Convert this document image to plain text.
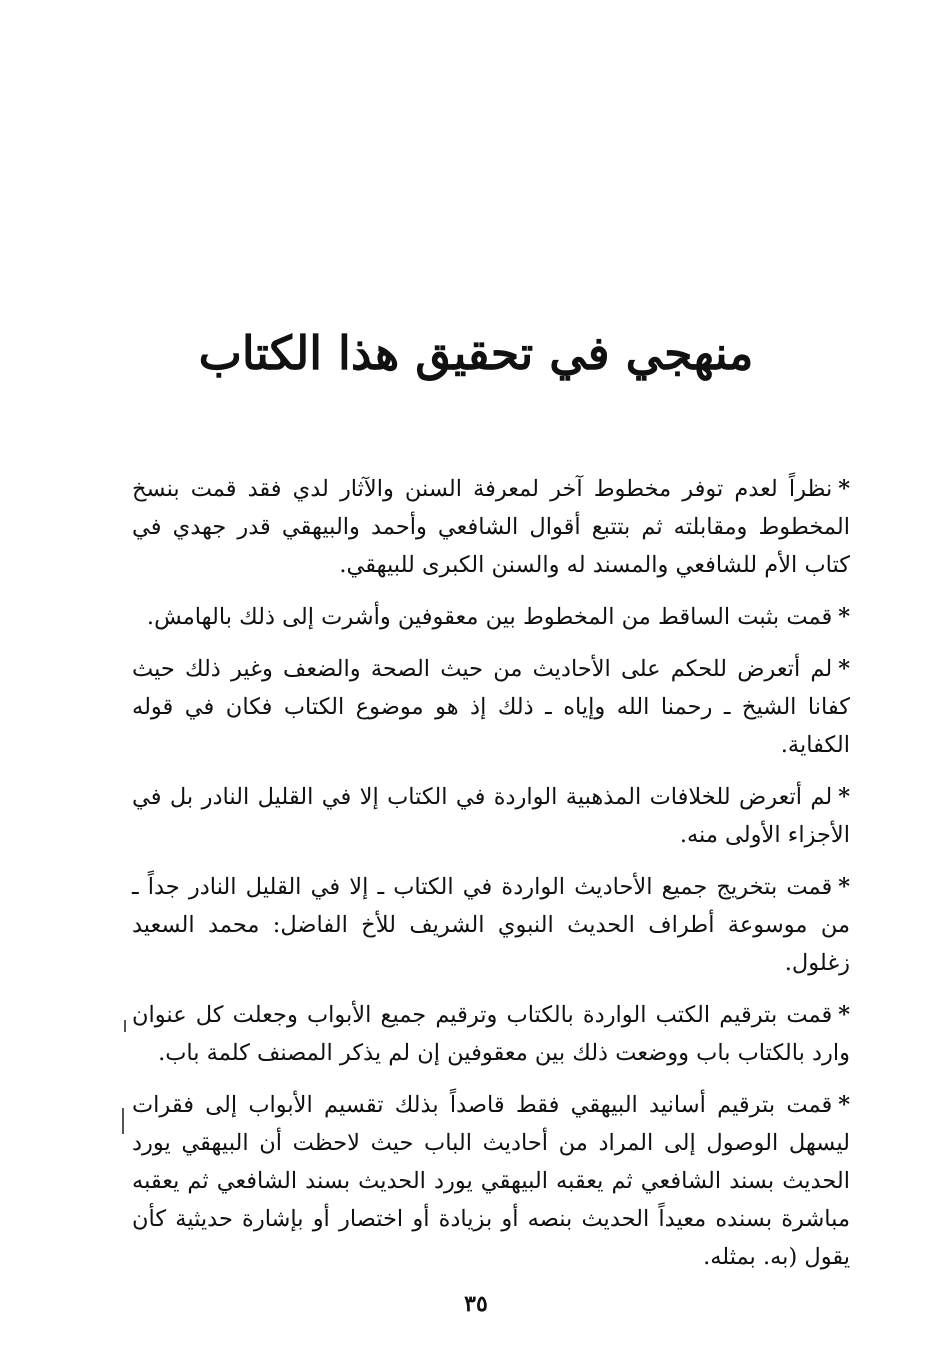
منهجي في تحقيق هذا الكتاب

*نظراً لعدم توفر مخطوط آخر لمعرفة السنن والآثار لدي فقد قمت بنسخ المخطوط ومقابلته ثم بتتبع أقوال الشافعي وأحمد والبيهقي قدر جهدي في كتاب الأم للشافعي والمسند له والسنن الكبرى للبيهقي.

*قمت بثبت الساقط من المخطوط بين معقوفين وأشرت إلى ذلك بالهامش.

*لم أتعرض للحكم على الأحاديث من حيث الصحة والضعف وغير ذلك حيث كفانا الشيخ ـ رحمنا الله وإياه ـ ذلك إذ هو موضوع الكتاب فكان في قوله الكفاية.

*لم أتعرض للخلافات المذهبية الواردة في الكتاب إلا في القليل النادر بل في الأجزاء الأولى منه.

*قمت بتخريج جميع الأحاديث الواردة في الكتاب ـ إلا في القليل النادر جداً ـ من موسوعة أطراف الحديث النبوي الشريف للأخ الفاضل: محمد السعيد زغلول.

*قمت بترقيم الكتب الواردة بالكتاب وترقيم جميع الأبواب وجعلت كل عنوان وارد بالكتاب باب ووضعت ذلك بين معقوفين إن لم يذكر المصنف كلمة باب.

*قمت بترقيم أسانيد البيهقي فقط قاصداً بذلك تقسيم الأبواب إلى فقرات ليسهل الوصول إلى المراد من أحاديث الباب حيث لاحظت أن البيهقي يورد الحديث بسند الشافعي ثم يعقبه البيهقي يورد الحديث بسند الشافعي ثم يعقبه مباشرة بسنده معيداً الحديث بنصه أو بزيادة أو اختصار أو بإشارة حديثية كأن يقول (به. بمثله.

٣٥
